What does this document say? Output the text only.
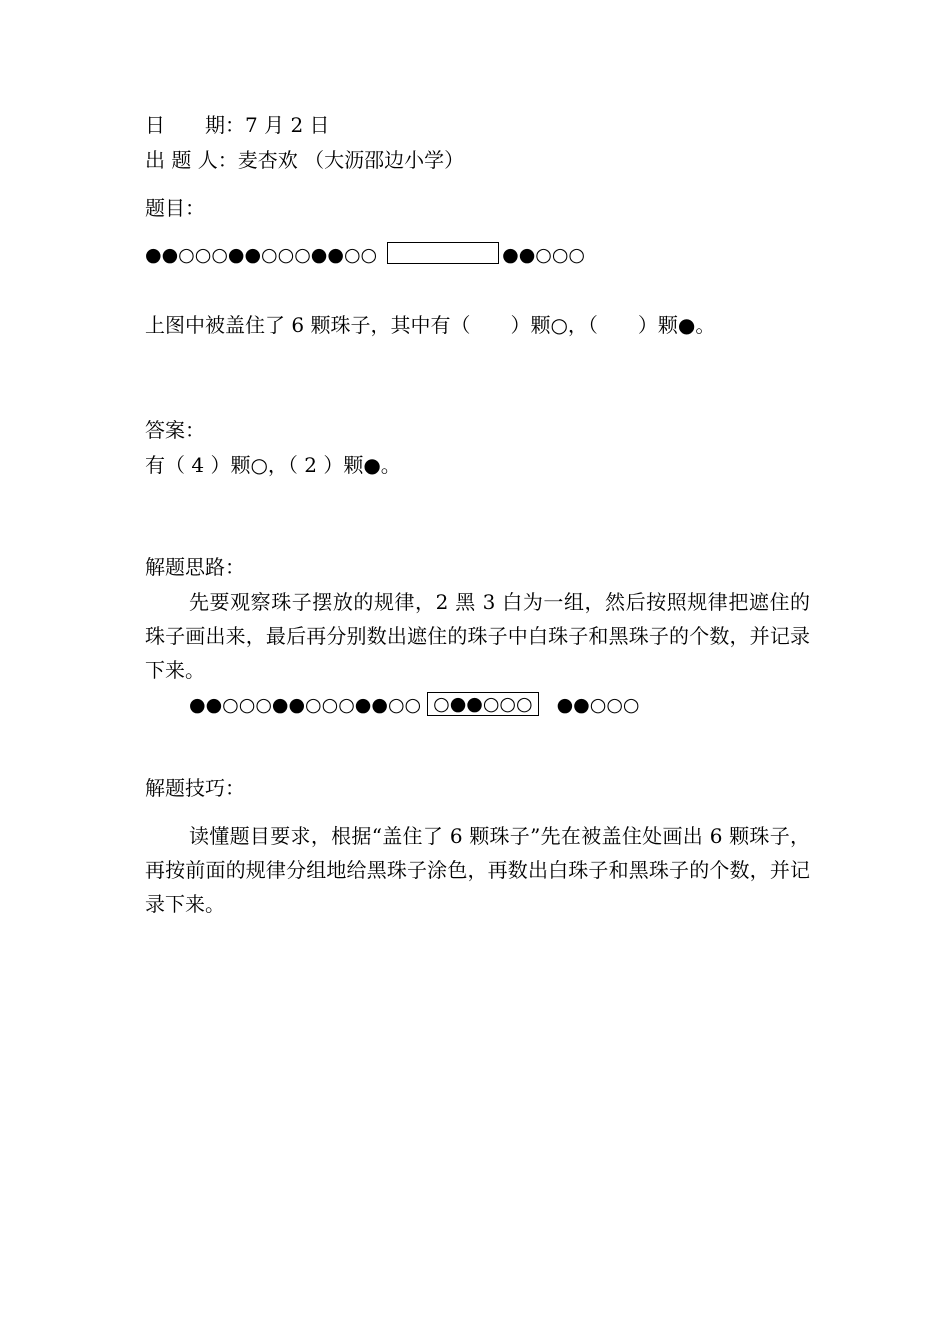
日　　期：7 月 2 日
出 题 人：麦杏欢 （大沥邵边小学）
题目：
●●○○○●●○○○●●○○	●●○○○
上图中被盖住了 6 颗珠子，其中有（　　）颗○，（　　）颗●。
答案：
有（ 4 ）颗○，（ 2 ）颗●。
解题思路：
先要观察珠子摆放的规律，2 黑 3 白为一组，然后按照规律把遮住的珠子画出来，最后再分别数出遮住的珠子中白珠子和黑珠子的个数，并记录下来。
●●○○○●●○○○●●○○ ○●●○○○ ●●○○○
解题技巧：
读懂题目要求，根据“盖住了 6 颗珠子”先在被盖住处画出 6 颗珠子，再按前面的规律分组地给黑珠子涂色，再数出白珠子和黑珠子的个数，并记录下来。
